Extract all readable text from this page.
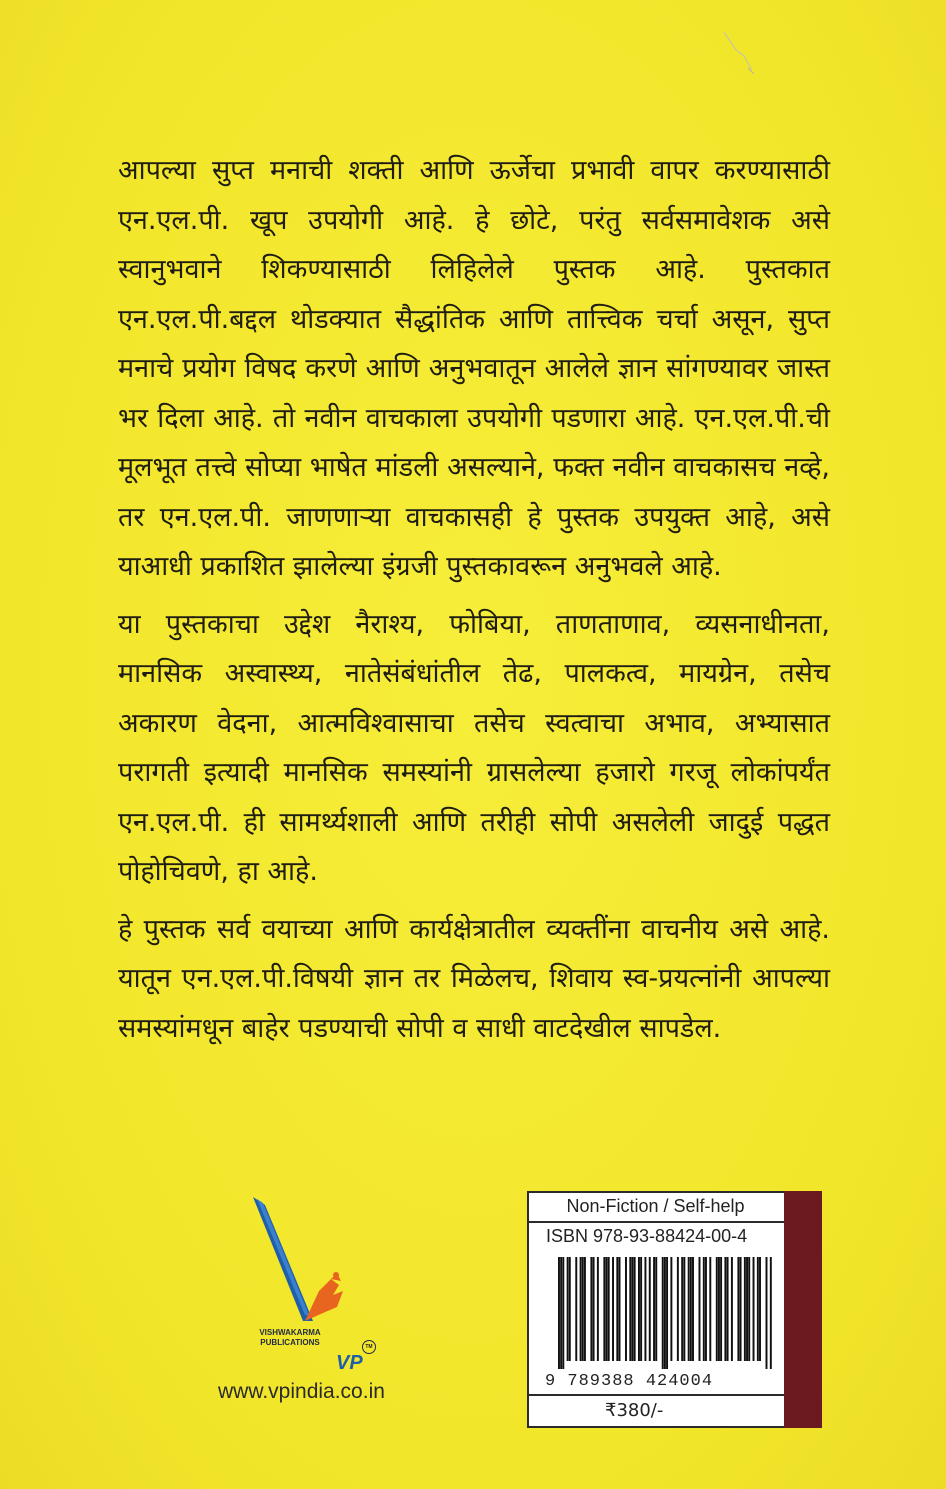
आपल्या सुप्त मनाची शक्ती आणि ऊर्जेचा प्रभावी वापर करण्यासाठी
एन.एल.पी. खूप उपयोगी आहे. हे छोटे, परंतु सर्वसमावेशक असे
स्वानुभवाने शिकण्यासाठी लिहिलेले पुस्तक आहे. पुस्तकात
एन.एल.पी.बद्दल थोडक्यात सैद्धांतिक आणि तात्त्विक चर्चा असून, सुप्त
मनाचे प्रयोग विषद करणे आणि अनुभवातून आलेले ज्ञान सांगण्यावर जास्त
भर दिला आहे. तो नवीन वाचकाला उपयोगी पडणारा आहे. एन.एल.पी.ची
मूलभूत तत्त्वे सोप्या भाषेत मांडली असल्याने, फक्त नवीन वाचकासच नव्हे,
तर एन.एल.पी. जाणणाऱ्या वाचकासही हे पुस्तक उपयुक्त आहे, असे
याआधी प्रकाशित झालेल्या इंग्रजी पुस्तकावरून अनुभवले आहे.
या पुस्तकाचा उद्देश नैराश्य, फोबिया, ताणताणाव, व्यसनाधीनता,
मानसिक अस्वास्थ्य, नातेसंबंधांतील तेढ, पालकत्व, मायग्रेन, तसेच
अकारण वेदना, आत्मविश्वासाचा तसेच स्वत्वाचा अभाव, अभ्यासात
परागती इत्यादी मानसिक समस्यांनी ग्रासलेल्या हजारो गरजू लोकांपर्यंत
एन.एल.पी. ही सामर्थ्यशाली आणि तरीही सोपी असलेली जादुई पद्धत
पोहोचिवणे, हा आहे.
हे पुस्तक सर्व वयाच्या आणि कार्यक्षेत्रातील व्यक्तींना वाचनीय असे आहे.
यातून एन.एल.पी.विषयी ज्ञान तर मिळेलच, शिवाय स्व-प्रयत्नांनी आपल्या
समस्यांमधून बाहेर पडण्याची सोपी व साधी वाटदेखील सापडेल.
VISHWAKARMA
PUBLICATIONS
VP
TM
www.vpindia.co.in
Non-Fiction / Self-help
ISBN 978-93-88424-00-4
9 789388 424004
₹380/-
